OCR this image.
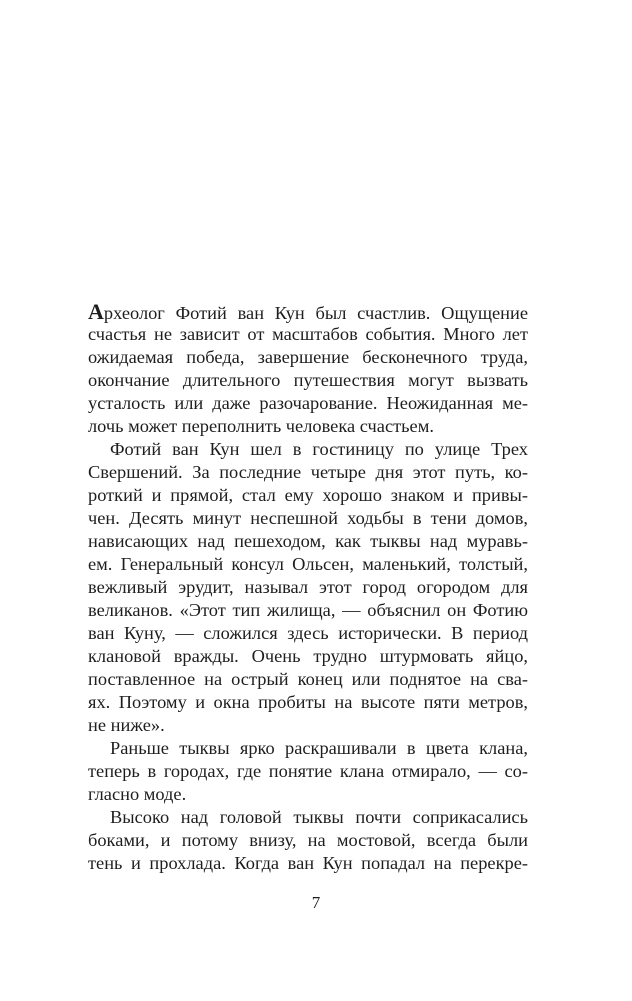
Археолог Фотий ван Кун был счастлив. Ощущение
счастья не зависит от масштабов события. Много лет
ожидаемая победа, завершение бесконечного труда,
окончание длительного путешествия могут вызвать
усталость или даже разочарование. Неожиданная ме-
лочь может переполнить человека счастьем.
Фотий ван Кун шел в гостиницу по улице Трех
Свершений. За последние четыре дня этот путь, ко-
роткий и прямой, стал ему хорошо знаком и привы-
чен. Десять минут неспешной ходьбы в тени домов,
нависающих над пешеходом, как тыквы над муравь-
ем. Генеральный консул Ольсен, маленький, толстый,
вежливый эрудит, называл этот город огородом для
великанов. «Этот тип жилища, — объяснил он Фотию
ван Куну, — сложился здесь исторически. В период
клановой вражды. Очень трудно штурмовать яйцо,
поставленное на острый конец или поднятое на сва-
ях. Поэтому и окна пробиты на высоте пяти метров,
не ниже».
Раньше тыквы ярко раскрашивали в цвета клана,
теперь в городах, где понятие клана отмирало, — со-
гласно моде.
Высоко над головой тыквы почти соприкасались
боками, и потому внизу, на мостовой, всегда были
тень и прохлада. Когда ван Кун попадал на перекре-
7
